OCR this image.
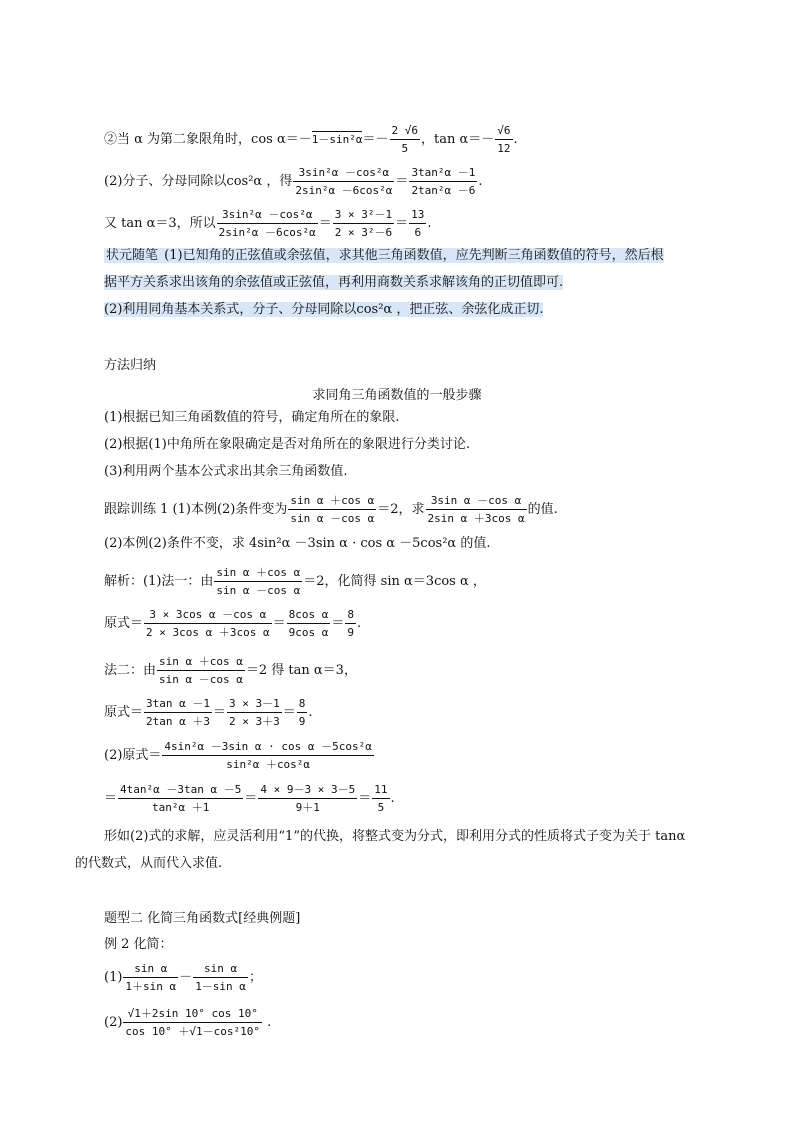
②当 α 为第二象限角时，$\cos \alpha=-1-\sin^2\alpha=- \frac{2 √6}{5}$ ，$\tan \alpha=- \frac{√6}{12}$ .
(2)分子、分母同除以cos²α ，得 $\frac{\text{3sin²α －cos²α}}{\text{2sin²α －6cos²α}} = \frac{\text{3tan²α －1}}{\text{2tan²α －6}}$ .
又 tan α＝3，所以 $\frac{\text{3sin²α －cos²α}}{\text{2sin²α －6cos²α}} = \frac{\text{3 × 3²－1}}{\text{2 × 3²－6}} = \frac{13}{6}$ .
状元随笔 (1)已知角的正弦值或余弦值，求其他三角函数值，应先判断三角函数值的符号，然后根
据平方关系求出该角的余弦值或正弦值，再利用商数关系求解该角的正切值即可.
(2)利用同角基本关系式，分子、分母同除以cos²α ，把正弦、余弦化成正切.
方法归纳
求同角三角函数值的一般步骤
(1)根据已知三角函数值的符号，确定角所在的象限.
(2)根据(1)中角所在象限确定是否对角所在的象限进行分类讨论.
(3)利用两个基本公式求出其余三角函数值.
跟踪训练 1 (1)本例(2)条件变为 $\frac{\text{sin α ＋cos α}}{\text{sin α －cos α}} =2$，求 $\frac{\text{3sin α －cos α}}{\text{2sin α ＋3cos α}}$ 的值.
(2)本例(2)条件不变，求 4sin²α －3sin α · cos α －5cos²α 的值.
解析：(1)法一：由 $\frac{\text{sin α ＋cos α}}{\text{sin α －cos α}} =2$，化简得 sin α＝3cos α ，
原式＝ $\frac{\text{3 × 3cos α －cos α}}{\text{2 × 3cos α ＋3cos α}} = \frac{\text{8cos α}}{\text{9cos α}} = \frac{8}{9}$ .
法二：由 $\frac{\text{sin α ＋cos α}}{\text{sin α －cos α}} =2$ 得 tan α＝3，
原式＝ $\frac{\text{3tan α －1}}{\text{2tan α ＋3}} = \frac{3 \times 3-1}{2 \times 3+3} = \frac{8}{9}$ .
(2)原式＝ $\frac{\text{4sin²α －3sin α · cos α －5cos²α}}{\text{sin²α ＋cos²α}}$
＝ $\frac{\text{4tan²α －3tan α －5}}{\text{tan²α ＋1}} = \frac{4 \times 9-3 \times 3-5}{9+1} = \frac{11}{5}$ .
形如(2)式的求解，应灵活利用“1”的代换，将整式变为分式，即利用分式的性质将式子变为关于 tanα
的代数式，从而代入求值.
题型二 化简三角函数式[经典例题]
例 2 化简：
$(1) \frac{\text{sin α}}{\text{1＋sin α}} - \frac{\text{sin α}}{\text{1－sin α}}$ ；
$(2) \frac{√1+2\sin 10^\circ \cos 10^\circ}{\text{cos 10° ＋√1－cos²10°}}$ .
